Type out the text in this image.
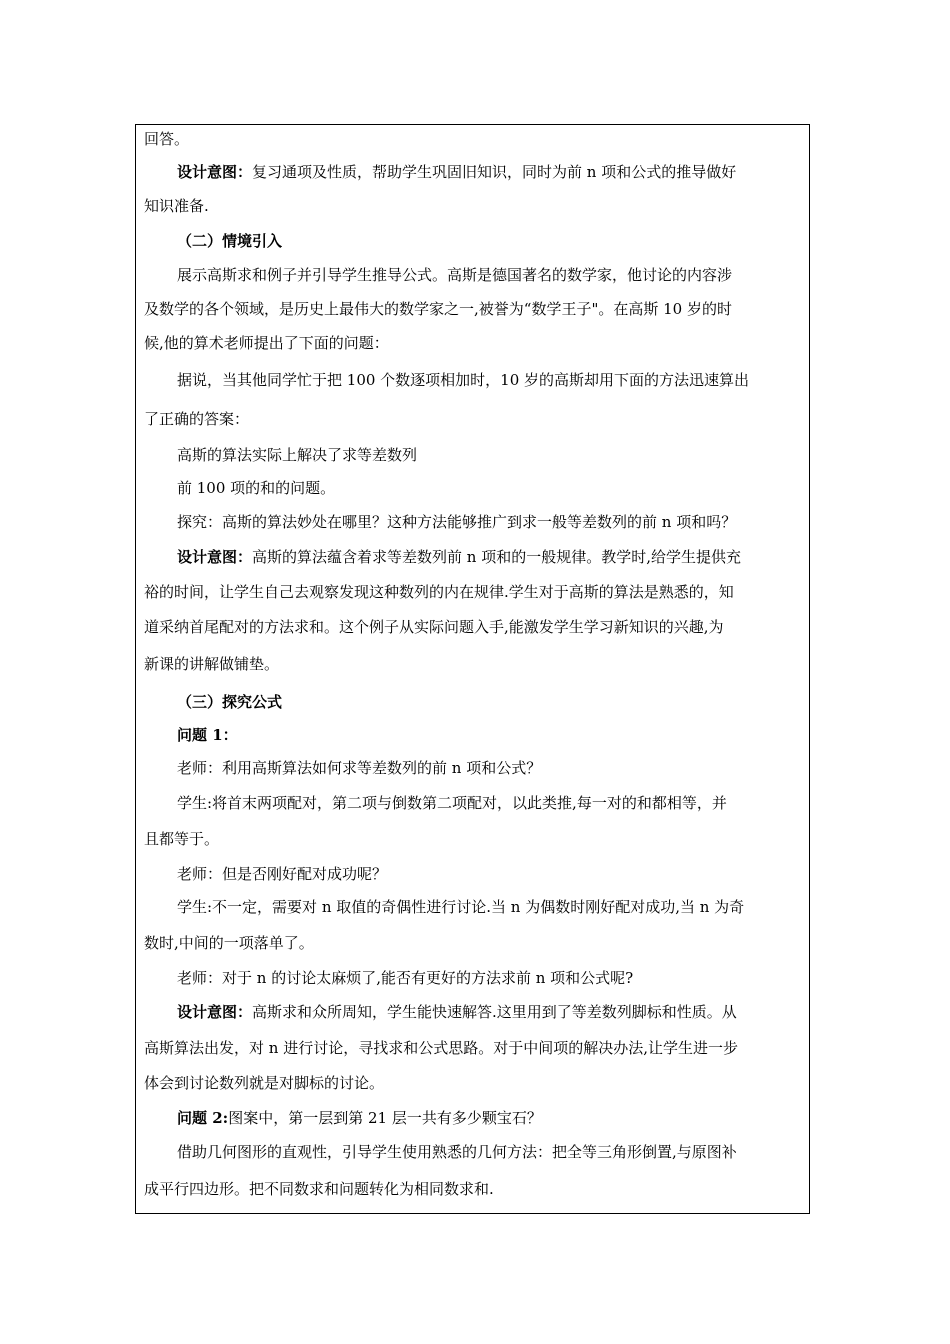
回答。

设计意图：复习通项及性质，帮助学生巩固旧知识，同时为前 n 项和公式的推导做好

知识准备.

（二）情境引入

展示高斯求和例子并引导学生推导公式。高斯是德国著名的数学家，他讨论的内容涉

及数学的各个领域，是历史上最伟大的数学家之一,被誉为“数学王子"。在高斯 10 岁的时

候,他的算术老师提出了下面的问题：

据说，当其他同学忙于把 100 个数逐项相加时，10 岁的高斯却用下面的方法迅速算出

了正确的答案：

高斯的算法实际上解决了求等差数列

前 100 项的和的问题。

探究：高斯的算法妙处在哪里？这种方法能够推广到求一般等差数列的前 n 项和吗？

设计意图：高斯的算法蕴含着求等差数列前 n 项和的一般规律。教学时,给学生提供充

裕的时间，让学生自己去观察发现这种数列的内在规律.学生对于高斯的算法是熟悉的，知

道采纳首尾配对的方法求和。这个例子从实际问题入手,能激发学生学习新知识的兴趣,为

新课的讲解做铺垫。

（三）探究公式

问题 1：

老师：利用高斯算法如何求等差数列的前 n 项和公式？

学生:将首末两项配对，第二项与倒数第二项配对，以此类推,每一对的和都相等，并

且都等于。

老师：但是否刚好配对成功呢？

学生:不一定，需要对 n 取值的奇偶性进行讨论.当 n 为偶数时刚好配对成功,当 n 为奇

数时,中间的一项落单了。

老师：对于 n 的讨论太麻烦了,能否有更好的方法求前 n 项和公式呢?

设计意图：高斯求和众所周知，学生能快速解答.这里用到了等差数列脚标和性质。从

高斯算法出发，对 n 进行讨论，寻找求和公式思路。对于中间项的解决办法,让学生进一步

体会到讨论数列就是对脚标的讨论。

问题 2:图案中，第一层到第 21 层一共有多少颗宝石？

借助几何图形的直观性，引导学生使用熟悉的几何方法：把全等三角形倒置,与原图补

成平行四边形。把不同数求和问题转化为相同数求和.
